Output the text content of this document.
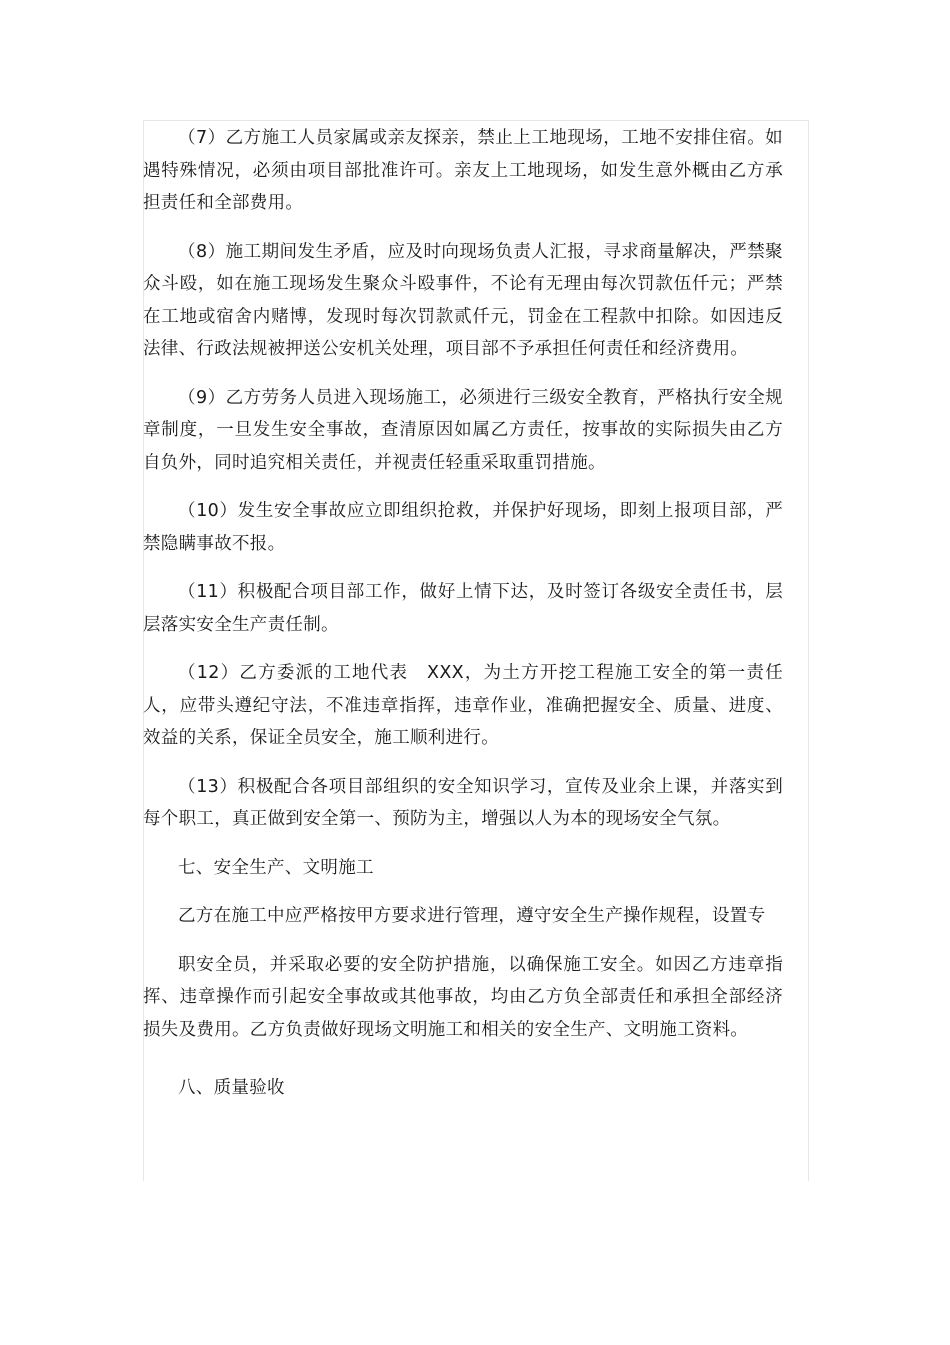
（7）乙方施工人员家属或亲友探亲，禁止上工地现场，工地不安排住宿。如遇特殊情况，必须由项目部批准许可。亲友上工地现场，如发生意外概由乙方承担责任和全部费用。

（8）施工期间发生矛盾，应及时向现场负责人汇报，寻求商量解决，严禁聚众斗殴，如在施工现场发生聚众斗殴事件，不论有无理由每次罚款伍仟元；严禁在工地或宿舍内赌博，发现时每次罚款贰仟元，罚金在工程款中扣除。如因违反法律、行政法规被押送公安机关处理，项目部不予承担任何责任和经济费用。

（9）乙方劳务人员进入现场施工，必须进行三级安全教育，严格执行安全规章制度，一旦发生安全事故，查清原因如属乙方责任，按事故的实际损失由乙方自负外，同时追究相关责任，并视责任轻重采取重罚措施。

（10）发生安全事故应立即组织抢救，并保护好现场，即刻上报项目部，严禁隐瞒事故不报。

（11）积极配合项目部工作，做好上情下达，及时签订各级安全责任书，层层落实安全生产责任制。

（12）乙方委派的工地代表　XXX，为土方开挖工程施工安全的第一责任人，应带头遵纪守法，不准违章指挥，违章作业，准确把握安全、质量、进度、效益的关系，保证全员安全，施工顺利进行。

（13）积极配合各项目部组织的安全知识学习，宣传及业余上课，并落实到每个职工，真正做到安全第一、预防为主，增强以人为本的现场安全气氛。

七、安全生产、文明施工

乙方在施工中应严格按甲方要求进行管理，遵守安全生产操作规程，设置专

职安全员，并采取必要的安全防护措施，以确保施工安全。如因乙方违章指挥、违章操作而引起安全事故或其他事故，均由乙方负全部责任和承担全部经济损失及费用。乙方负责做好现场文明施工和相关的安全生产、文明施工资料。

八、质量验收
